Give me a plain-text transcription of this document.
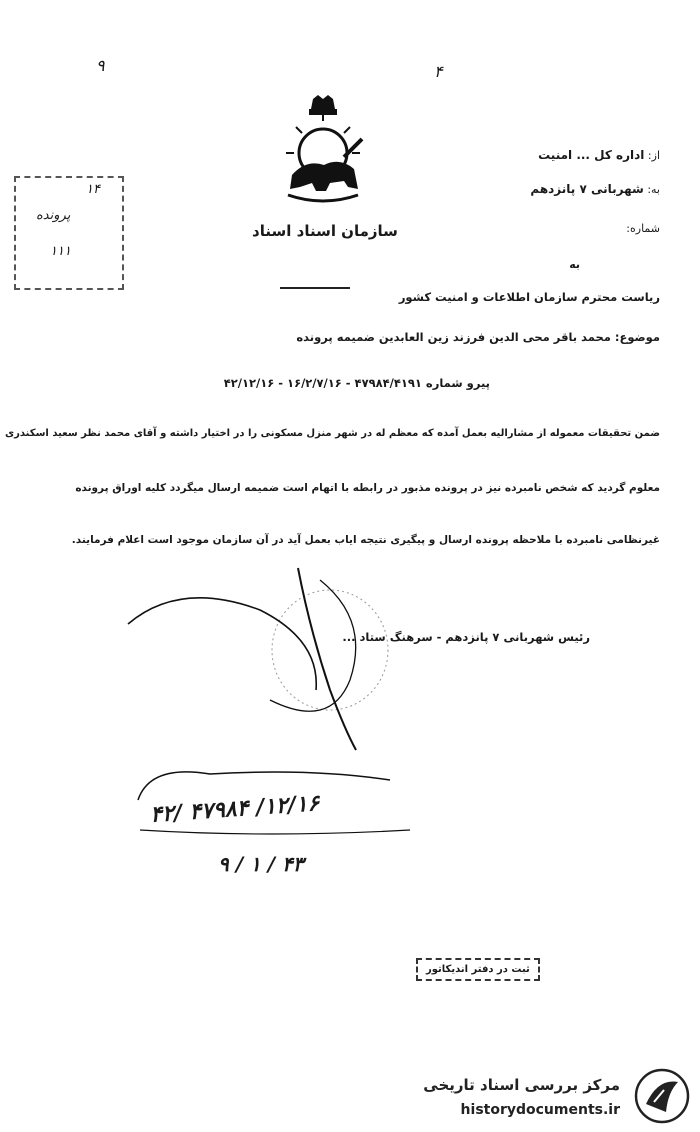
۹	۴
سازمان اسناد اسناد
از: اداره کل ... امنیت
به: شهربانی ۷ پانزدهم
شماره:
۱۴
پرونده
۱۱۱
به
ریاست محترم سازمان اطلاعات و امنیت کشور
موضوع: محمد باقر محی الدین فرزند زین العابدین ضمیمه پرونده
پیرو شماره ۴۷۹۸۴/۴۱۹۱ - ۱۶/۲/۷/۱۶ - ۴۲/۱۲/۱۶
ضمن تحقیقات معموله از مشارالیه بعمل آمده که معظم له در شهر منزل مسکونی را در اختیار داشته و آقای محمد نظر سعید اسکندری
معلوم گردید که شخص نامبرده نیز در پرونده مذبور در رابطه با اتهام است ضمیمه ارسال میگردد کلیه اوراق پرونده
غیرنظامی نامبرده با ملاحظه پرونده ارسال و پیگیری نتیجه ایاب بعمل آید در آن سازمان موجود است اعلام فرمایند.
رئیس شهربانی ۷ پانزدهم - سرهنگ ستاد ...
۴۲/ ۴۷۹۸۴ /۱۲/۱۶
۹ / ۱ / ۴۳
ثبت در دفتر اندیکاتور
مرکز بررسی اسناد تاریخی
historydocuments.ir
